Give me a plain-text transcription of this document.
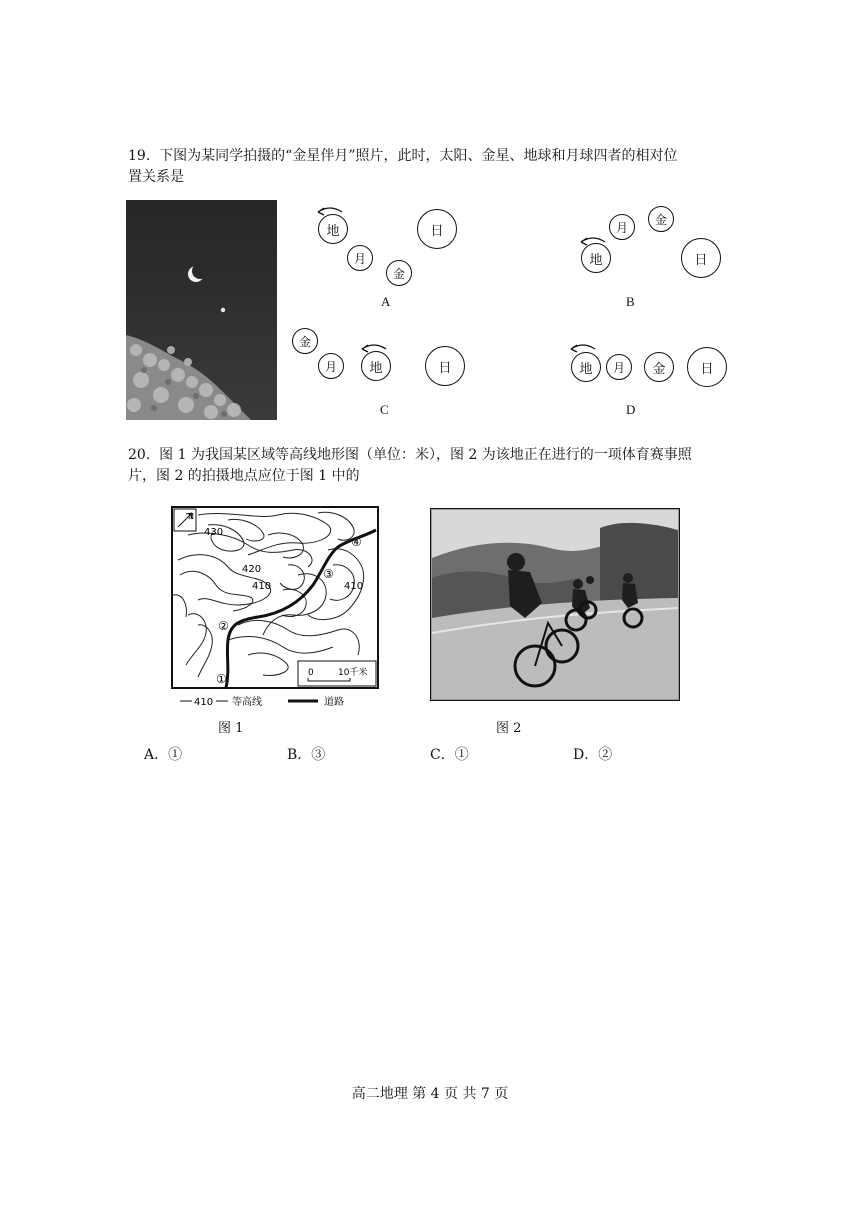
19. 下图为某同学拍摄的“金星伴月”照片，此时，太阳、金星、地球和月球四者的相对位
置关系是
地	日
月
金
A
金
月
地	日
B
金
月	地	日
C
地	月	金	日
D
20. 图 1 为我国某区域等高线地形图（单位：米），图 2 为该地正在进行的一项体育赛事照
片，图 2 的拍摄地点应位于图 1 中的
N
430
420
410	410
①
②
③
④
0	10千米
410 等高线	道路
图 1	图 2
A．①	B．③	C．①	D．②
高二地理 第 4 页 共 7 页
